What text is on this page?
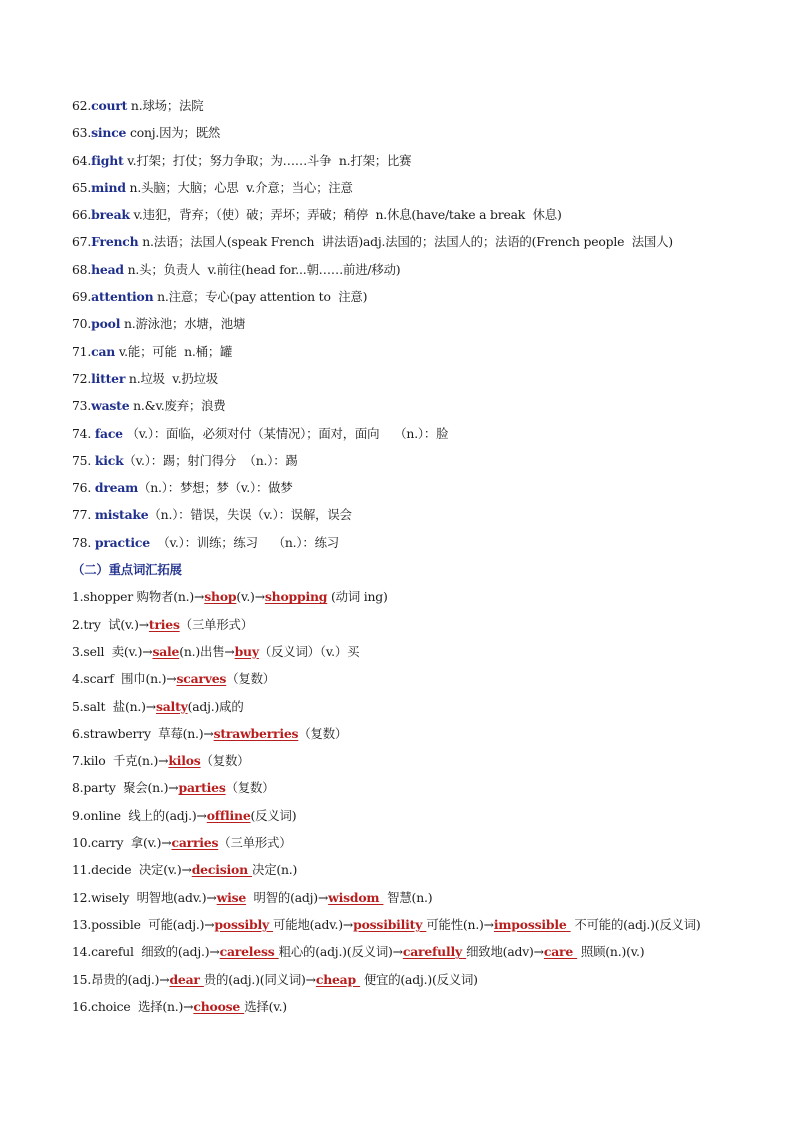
62.court n.球场；法院
63.since conj.因为；既然
64.fight v.打架；打仗；努力争取；为……斗争  n.打架；比赛
65.mind n.头脑；大脑；心思  v.介意；当心；注意
66.break v.违犯，背弃；（使）破；弄坏；弄破；稍停  n.休息(have/take a break  休息)
67.French n.法语；法国人(speak French  讲法语)adj.法国的；法国人的；法语的(French people  法国人)
68.head n.头；负责人  v.前往(head for...朝……前进/移动)
69.attention n.注意；专心(pay attention to  注意)
70.pool n.游泳池；水塘，池塘
71.can v.能；可能  n.桶；罐
72.litter n.垃圾  v.扔垃圾
73.waste n.&v.废弃；浪费
74. face （v.）：面临，必须对付（某情况）；面对，面向    （n.）：脸
75. kick（v.）：踢；射门得分  （n.）：踢
76. dream（n.）：梦想；梦（v.）：做梦
77. mistake（n.）：错误，失误（v.）：误解，误会
78. practice  （v.）：训练；练习    （n.）：练习
（二）重点词汇拓展
1.shopper 购物者(n.)→shop(v.)→shopping (动词 ing)
2.try  试(v.)→tries（三单形式）
3.sell  卖(v.)→sale(n.)出售→buy（反义词）（v.）买
4.scarf  围巾(n.)→scarves（复数）
5.salt  盐(n.)→salty(adj.)咸的
6.strawberry  草莓(n.)→strawberries（复数）
7.kilo  千克(n.)→kilos（复数）
8.party  聚会(n.)→parties（复数）
9.online  线上的(adj.)→offline(反义词)
10.carry  拿(v.)→carries（三单形式）
11.decide  决定(v.)→decision 决定(n.)
12.wisely  明智地(adv.)→wise  明智的(adj)→wisdom  智慧(n.)
13.possible  可能(adj.)→possibly 可能地(adv.)→possibility 可能性(n.)→impossible  不可能的(adj.)(反义词)
14.careful  细致的(adj.)→careless 粗心的(adj.)(反义词)→carefully 细致地(adv)→care  照顾(n.)(v.)
15.昂贵的(adj.)→dear 贵的(adj.)(同义词)→cheap  便宜的(adj.)(反义词)
16.choice  选择(n.)→choose 选择(v.)
